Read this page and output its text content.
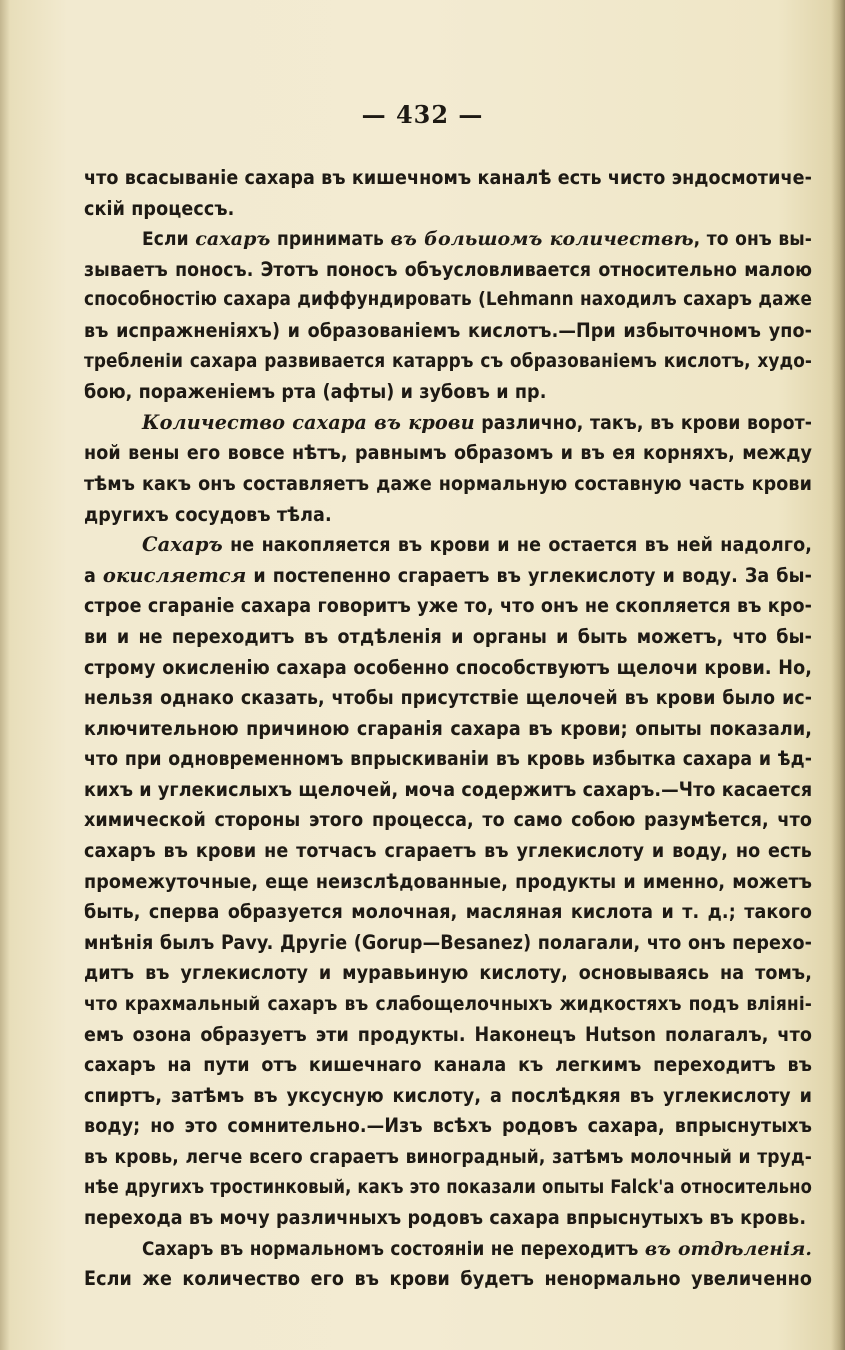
— 432 —
что всасываніе сахара въ кишечномъ каналѣ есть чисто эндосмотиче-
скій процессъ.
Если сахаръ принимать въ большомъ количествѣ, то онъ вы-
зываетъ поносъ. Этотъ поносъ объусловливается относительно малою
способностію сахара диффундировать (Lehmann находилъ сахаръ даже
въ испражненіяхъ) и образованіемъ кислотъ.—При избыточномъ упо-
требленіи сахара развивается катарръ съ образованіемъ кислотъ, худо-
бою, пораженіемъ рта (афты) и зубовъ и пр.
Количество сахара въ крови различно, такъ, въ крови ворот-
ной вены его вовсе нѣтъ, равнымъ образомъ и въ ея корняхъ, между
тѣмъ какъ онъ составляетъ даже нормальную составную часть крови
другихъ сосудовъ тѣла.
Сахаръ не накопляется въ крови и не остается въ ней надолго,
а окисляется и постепенно сгараетъ въ углекислоту и воду. За бы-
строе сгараніе сахара говоритъ уже то, что онъ не скопляется въ кро-
ви и не переходитъ въ отдѣленія и органы и быть можетъ, что бы-
строму окисленію сахара особенно способствуютъ щелочи крови. Но,
нельзя однако сказать, чтобы присутствіе щелочей въ крови было ис-
ключительною причиною сгаранія сахара въ крови; опыты показали,
что при одновременномъ впрыскиваніи въ кровь избытка сахара и ѣд-
кихъ и углекислыхъ щелочей, моча содержитъ сахаръ.—Что касается
химической стороны этого процесса, то само собою разумѣется, что
сахаръ въ крови не тотчасъ сгараетъ въ углекислоту и воду, но есть
промежуточные, еще неизслѣдованные, продукты и именно, можетъ
быть, сперва образуется молочная, масляная кислота и т. д.; такого
мнѣнія былъ Pavy. Другіе (Gorup—Besanez) полагали, что онъ перехо-
дитъ въ углекислоту и муравьиную кислоту, основываясь на томъ,
что крахмальный сахаръ въ слабощелочныхъ жидкостяхъ подъ вліяні-
емъ озона образуетъ эти продукты. Наконецъ Hutson полагалъ, что
сахаръ на пути отъ кишечнаго канала къ легкимъ переходитъ въ
спиртъ, затѣмъ въ уксусную кислоту, а послѣдкяя въ углекислоту и
воду; но это сомнительно.—Изъ всѣхъ родовъ сахара, впрыснутыхъ
въ кровь, легче всего сгараетъ виноградный, затѣмъ молочный и труд-
нѣе другихъ тростинковый, какъ это показали опыты Falck'a относительно
перехода въ мочу различныхъ родовъ сахара впрыснутыхъ въ кровь.
Сахаръ въ нормальномъ состояніи не переходитъ въ отдѣленія.
Если же количество его въ крови будетъ ненормально увеличенно
